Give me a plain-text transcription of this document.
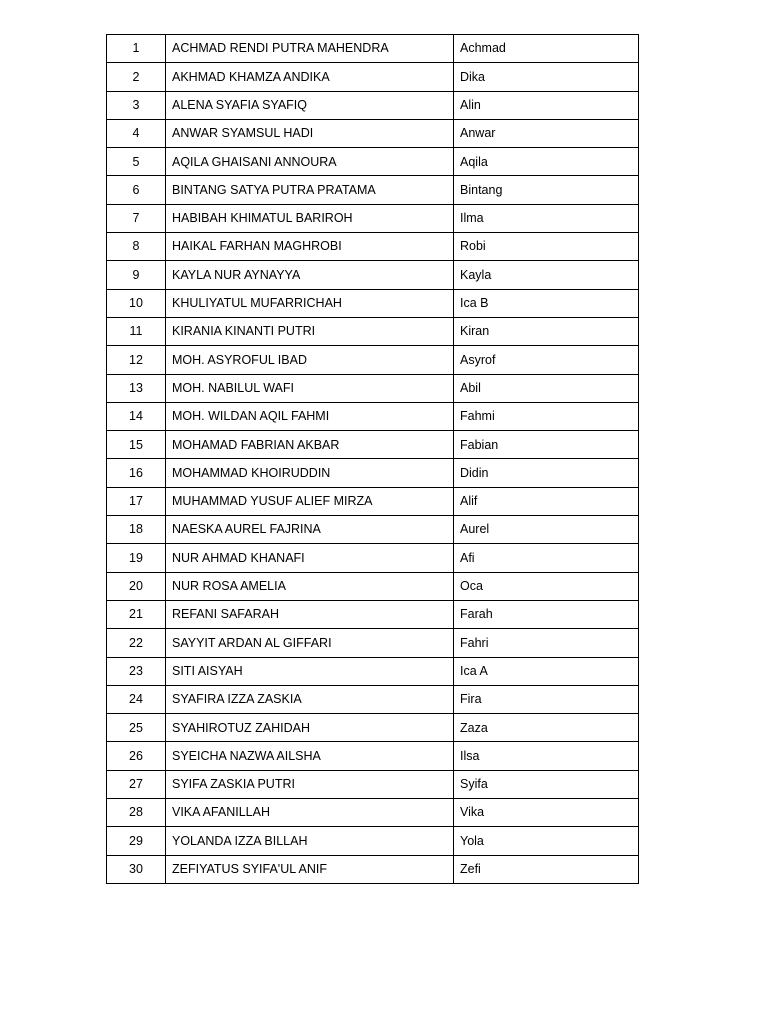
1	ACHMAD RENDI PUTRA MAHENDRA	Achmad
2	AKHMAD KHAMZA ANDIKA	Dika
3	ALENA SYAFIA SYAFIQ	Alin
4	ANWAR SYAMSUL HADI	Anwar
5	AQILA GHAISANI ANNOURA	Aqila
6	BINTANG SATYA PUTRA PRATAMA	Bintang
7	HABIBAH KHIMATUL BARIROH	Ilma
8	HAIKAL FARHAN MAGHROBI	Robi
9	KAYLA NUR AYNAYYA	Kayla
10	KHULIYATUL MUFARRICHAH	Ica B
11	KIRANIA KINANTI PUTRI	Kiran
12	MOH. ASYROFUL IBAD	Asyrof
13	MOH. NABILUL WAFI	Abil
14	MOH. WILDAN AQIL FAHMI	Fahmi
15	MOHAMAD FABRIAN AKBAR	Fabian
16	MOHAMMAD KHOIRUDDIN	Didin
17	MUHAMMAD YUSUF ALIEF MIRZA	Alif
18	NAESKA AUREL FAJRINA	Aurel
19	NUR AHMAD KHANAFI	Afi
20	NUR ROSA AMELIA	Oca
21	REFANI SAFARAH	Farah
22	SAYYIT ARDAN AL GIFFARI	Fahri
23	SITI AISYAH	Ica A
24	SYAFIRA IZZA ZASKIA	Fira
25	SYAHIROTUZ ZAHIDAH	Zaza
26	SYEICHA NAZWA AILSHA	Ilsa
27	SYIFA ZASKIA PUTRI	Syifa
28	VIKA AFANILLAH	Vika
29	YOLANDA IZZA BILLAH	Yola
30	ZEFIYATUS SYIFA'UL ANIF	Zefi
